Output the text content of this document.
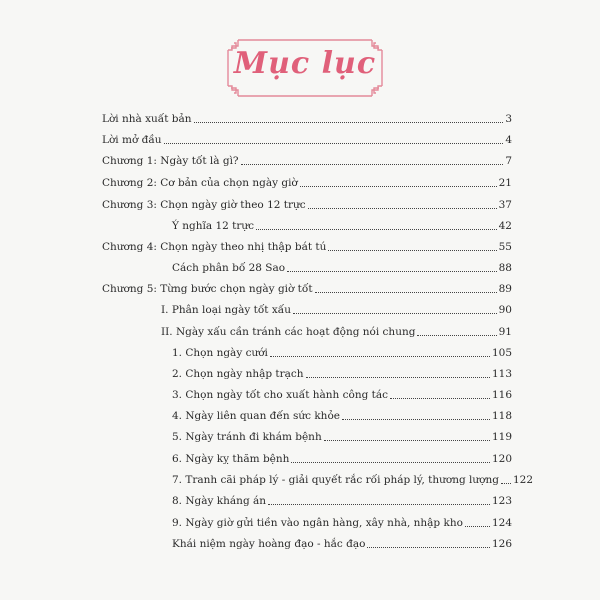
Mục lục
Lời nhà xuất bản	3
Lời mở đầu	4
Chương 1: Ngày tốt là gì?	7
Chương 2: Cơ bản của chọn ngày giờ	21
Chương 3: Chọn ngày giờ theo 12 trực	37
Ý nghĩa 12 trực	42
Chương 4: Chọn ngày theo nhị thập bát tú	55
Cách phân bố 28 Sao	88
Chương 5: Từng bước chọn ngày giờ tốt	89
I. Phân loại ngày tốt xấu	90
II. Ngày xấu cần tránh các hoạt động nói chung	91
1. Chọn ngày cưới	105
2. Chọn ngày nhập trạch	113
3. Chọn ngày tốt cho xuất hành công tác	116
4. Ngày liên quan đến sức khỏe	118
5. Ngày tránh đi khám bệnh	119
6. Ngày kỵ thăm bệnh	120
7. Tranh cãi pháp lý - giải quyết rắc rối pháp lý, thương lượng 122
8. Ngày kháng án	123
9. Ngày giờ gửi tiền vào ngân hàng, xây nhà, nhập kho	124
Khái niệm ngày hoàng đạo - hắc đạo	126
